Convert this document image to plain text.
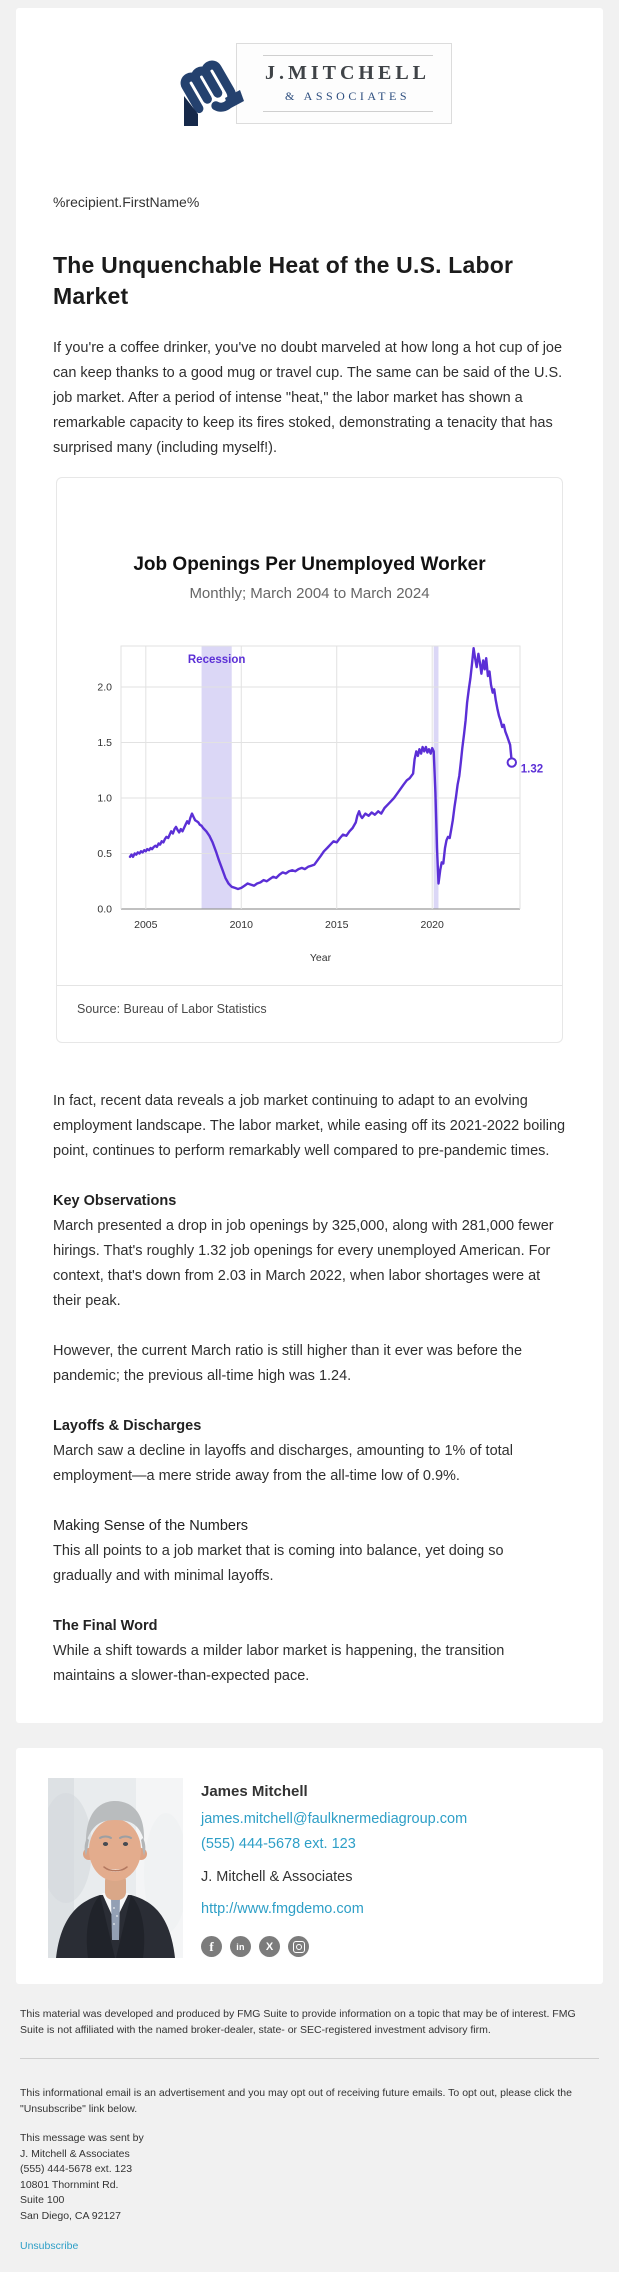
J.MITCHELL
& ASSOCIATES
%recipient.FirstName%
The Unquenchable Heat of the U.S. Labor Market
If you're a coffee drinker, you've no doubt marveled at how long a hot cup of joe can keep thanks to a good mug or travel cup. The same can be said of the U.S. job market. After a period of intense "heat," the labor market has shown a remarkable capacity to keep its fires stoked, demonstrating a tenacity that has surprised many (including myself!).
Job Openings Per Unemployed Worker
Monthly; March 2004 to March 2024
0.0
0.5
1.0
1.5
2.0
2005	2010	2015	2020
1.32
Recession
Year
Source: Bureau of Labor Statistics
In fact, recent data reveals a job market continuing to adapt to an evolving employment landscape. The labor market, while easing off its 2021-2022 boiling point, continues to perform remarkably well compared to pre-pandemic times.
Key Observations
March presented a drop in job openings by 325,000, along with 281,000 fewer hirings. That's roughly 1.32 job openings for every unemployed American. For context, that's down from 2.03 in March 2022, when labor shortages were at their peak.
However, the current March ratio is still higher than it ever was before the pandemic; the previous all-time high was 1.24.
Layoffs & Discharges
March saw a decline in layoffs and discharges, amounting to 1% of total employment—a mere stride away from the all-time low of 0.9%.
Making Sense of the Numbers
This all points to a job market that is coming into balance, yet doing so gradually and with minimal layoffs.
The Final Word
While a shift towards a milder labor market is happening, the transition maintains a slower-than-expected pace.
James Mitchell
james.mitchell@faulknermediagroup.com
(555) 444-5678 ext. 123
J. Mitchell & Associates
http://www.fmgdemo.com
f	in X
This material was developed and produced by FMG Suite to provide information on a topic that may be of interest. FMG Suite is not affiliated with the named broker-dealer, state- or SEC-registered investment advisory firm.
This informational email is an advertisement and you may opt out of receiving future emails. To opt out, please click the "Unsubscribe" link below.
This message was sent by
J. Mitchell & Associates
(555) 444-5678 ext. 123
10801 Thornmint Rd.
Suite 100
San Diego, CA 92127
Unsubscribe
